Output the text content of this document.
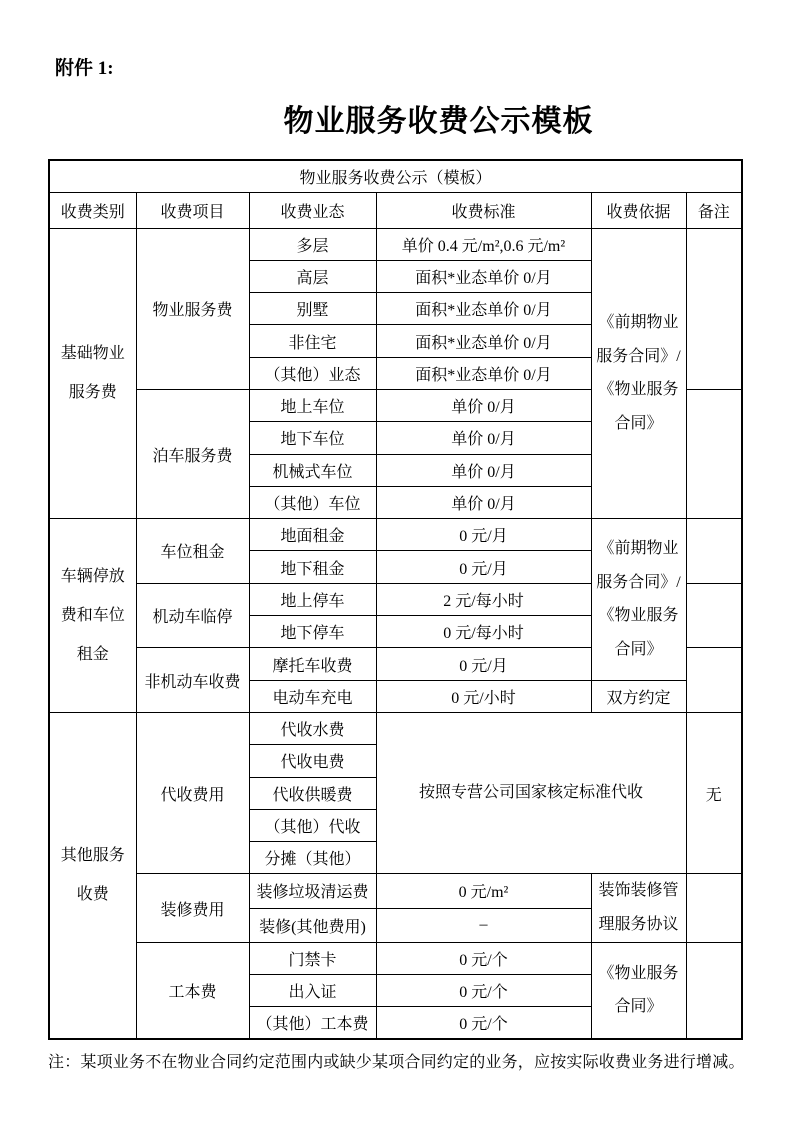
附件 1:
物业服务收费公示模板
物业服务收费公示（模板）					
收费类别	收费项目	收费业态	收费标准	收费依据	备注
基础物业服务费	物业服务费	多层	单价 0.4 元/m²,0.6 元/m²	《前期物业服务合同》/《物业服务合同》	
		高层	面积*业态单价 0/月		
		别墅	面积*业态单价 0/月		
		非住宅	面积*业态单价 0/月		
		（其他）业态	面积*业态单价 0/月		
	泊车服务费	地上车位	单价 0/月		
		地下车位	单价 0/月		
		机械式车位	单价 0/月		
		（其他）车位	单价 0/月		
车辆停放费和车位租金	车位租金	地面租金	0 元/月	《前期物业服务合同》/《物业服务合同》	
		地下租金	0 元/月		
	机动车临停	地上停车	2 元/每小时		
		地下停车	0 元/每小时		
	非机动车收费	摩托车收费	0 元/月		
		电动车充电	0 元/小时	双方约定	
其他服务收费	代收费用	代收水费	按照专营公司国家核定标准代收		无
		代收电费			
		代收供暖费			
		（其他）代收			
		分摊（其他）			
	装修费用	装修垃圾清运费	0 元/m²	装饰装修管理服务协议	
		装修(其他费用)	–		
	工本费	门禁卡	0 元/个	《物业服务合同》	
		出入证	0 元/个		
		（其他）工本费	0 元/个		
注：某项业务不在物业合同约定范围内或缺少某项合同约定的业务，应按实际收费业务进行增减。
